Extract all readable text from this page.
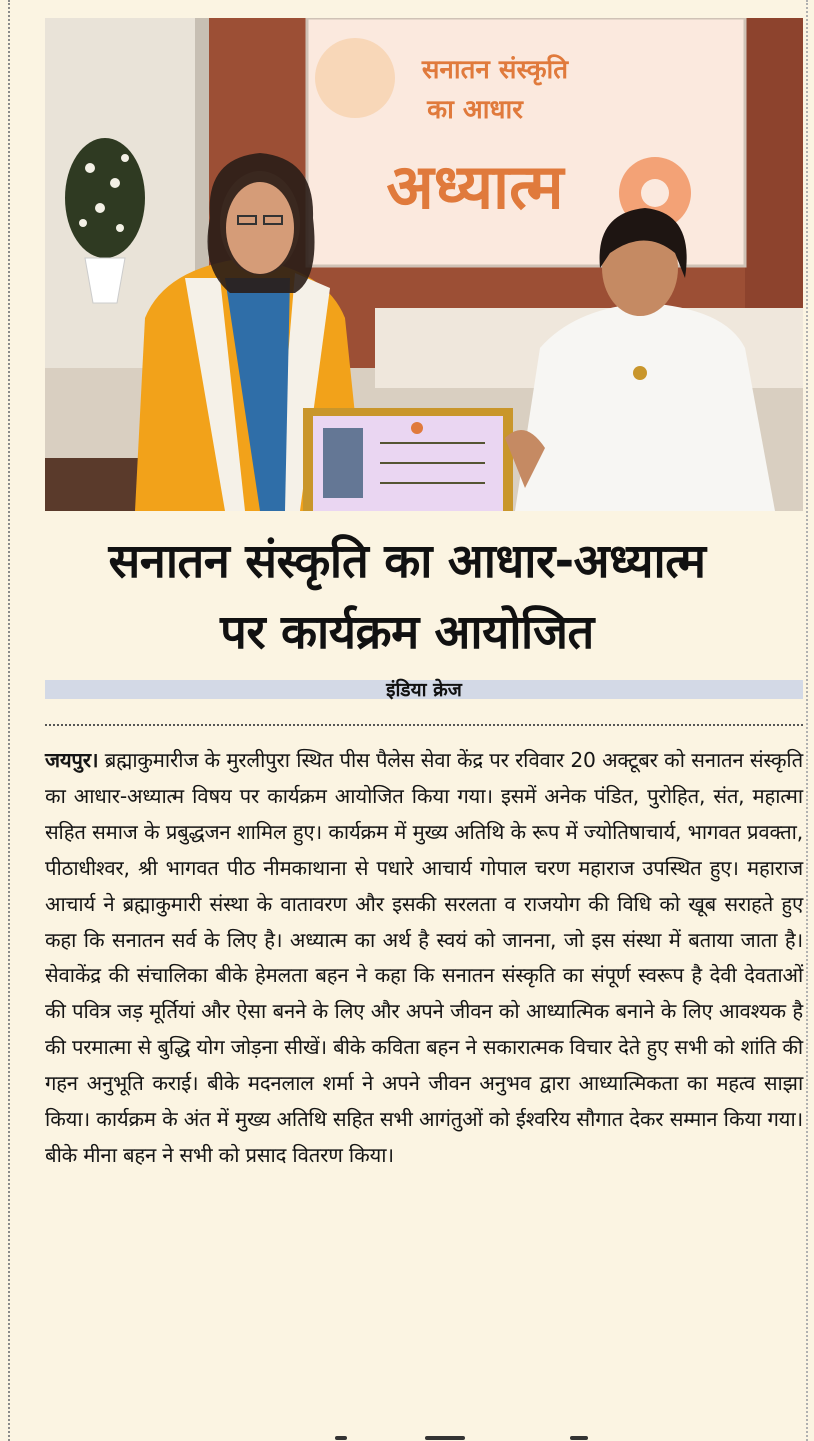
सनातन संस्कृति
का आधार
अध्यात्म
सनातन संस्कृति का आधार-अध्यात्म
पर कार्यक्रम आयोजित
इंडिया क्रेज
जयपुर। ब्रह्माकुमारीज के मुरलीपुरा स्थित पीस पैलेस सेवा केंद्र पर रविवार 20 अक्टूबर को सनातन संस्कृति का आधार-अध्यात्म विषय पर कार्यक्रम आयोजित किया गया। इसमें अनेक पंडित, पुरोहित, संत, महात्मा सहित समाज के प्रबुद्धजन शामिल हुए। कार्यक्रम में मुख्य अतिथि के रूप में ज्योतिषाचार्य, भागवत प्रवक्ता, पीठाधीश्वर, श्री भागवत पीठ नीमकाथाना से पधारे आचार्य गोपाल चरण महाराज उपस्थित हुए। महाराज आचार्य ने ब्रह्माकुमारी संस्था के वातावरण और इसकी सरलता व राजयोग की विधि को खूब सराहते हुए कहा कि सनातन सर्व के लिए है। अध्यात्म का अर्थ है स्वयं को जानना, जो इस संस्था में बताया जाता है। सेवाकेंद्र की संचालिका बीके हेमलता बहन ने कहा कि सनातन संस्कृति का संपूर्ण स्वरूप है देवी देवताओं की पवित्र जड़ मूर्तियां और ऐसा बनने के लिए और अपने जीवन को आध्यात्मिक बनाने के लिए आवश्यक है की परमात्मा से बुद्धि योग जोड़ना सीखें। बीके कविता बहन ने सकारात्मक विचार देते हुए सभी को शांति की गहन अनुभूति कराई। बीके मदनलाल शर्मा ने अपने जीवन अनुभव द्वारा आध्यात्मिकता का महत्व साझा किया। कार्यक्रम के अंत में मुख्य अतिथि सहित सभी आगंतुओं को ईश्वरिय सौगात देकर सम्मान किया गया। बीके मीना बहन ने सभी को प्रसाद वितरण किया।
